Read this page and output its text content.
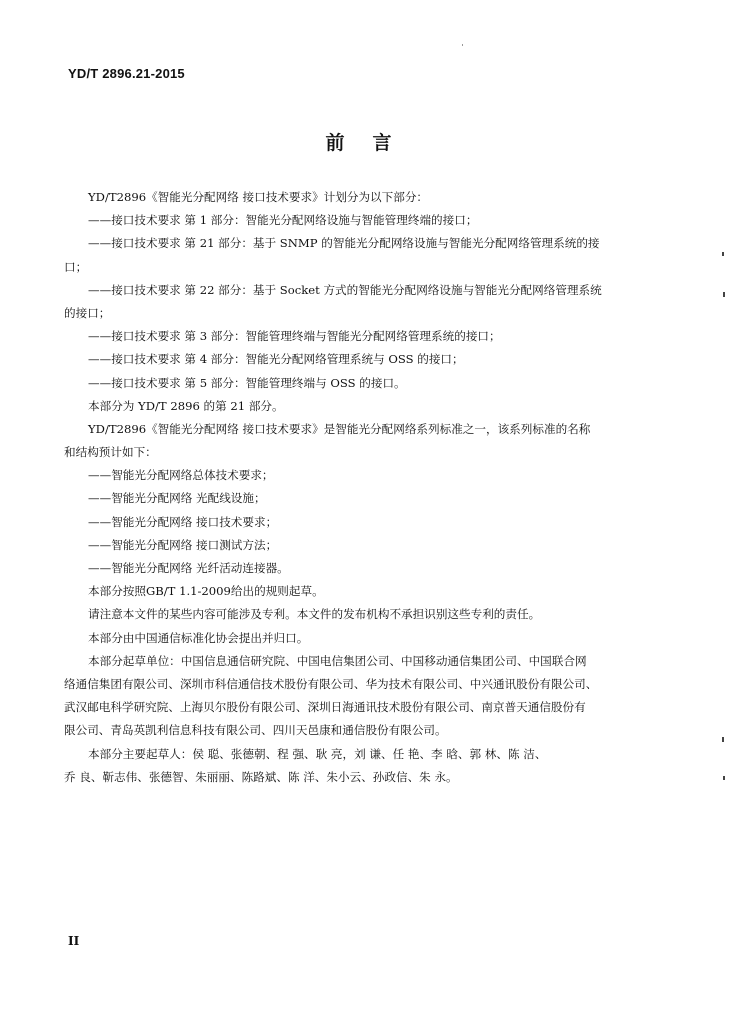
YD/T 2896.21-2015
前言
YD/T2896《智能光分配网络 接口技术要求》计划分为以下部分：
——接口技术要求 第 1 部分：智能光分配网络设施与智能管理终端的接口；
——接口技术要求 第 21 部分：基于 SNMP 的智能光分配网络设施与智能光分配网络管理系统的接
口；
——接口技术要求 第 22 部分：基于 Socket 方式的智能光分配网络设施与智能光分配网络管理系统
的接口；
——接口技术要求 第 3 部分：智能管理终端与智能光分配网络管理系统的接口；
——接口技术要求 第 4 部分：智能光分配网络管理系统与 OSS 的接口；
——接口技术要求 第 5 部分：智能管理终端与 OSS 的接口。
本部分为 YD/T 2896 的第 21 部分。
YD/T2896《智能光分配网络 接口技术要求》是智能光分配网络系列标准之一，该系列标准的名称
和结构预计如下：
——智能光分配网络总体技术要求；
——智能光分配网络 光配线设施；
——智能光分配网络 接口技术要求；
——智能光分配网络 接口测试方法；
——智能光分配网络 光纤活动连接器。
本部分按照GB/T 1.1-2009给出的规则起草。
请注意本文件的某些内容可能涉及专利。本文件的发布机构不承担识别这些专利的责任。
本部分由中国通信标准化协会提出并归口。
本部分起草单位：中国信息通信研究院、中国电信集团公司、中国移动通信集团公司、中国联合网
络通信集团有限公司、深圳市科信通信技术股份有限公司、华为技术有限公司、中兴通讯股份有限公司、
武汉邮电科学研究院、上海贝尔股份有限公司、深圳日海通讯技术股份有限公司、南京普天通信股份有
限公司、青岛英凯利信息科技有限公司、四川天邑康和通信股份有限公司。
本部分主要起草人：侯 聪、张德朝、程 强、耿 亮，刘 谦、任 艳、李 晗、郭 林、陈 洁、
乔 良、靳志伟、张德智、朱丽丽、陈路斌、陈 洋、朱小云、孙政信、朱 永。
II
